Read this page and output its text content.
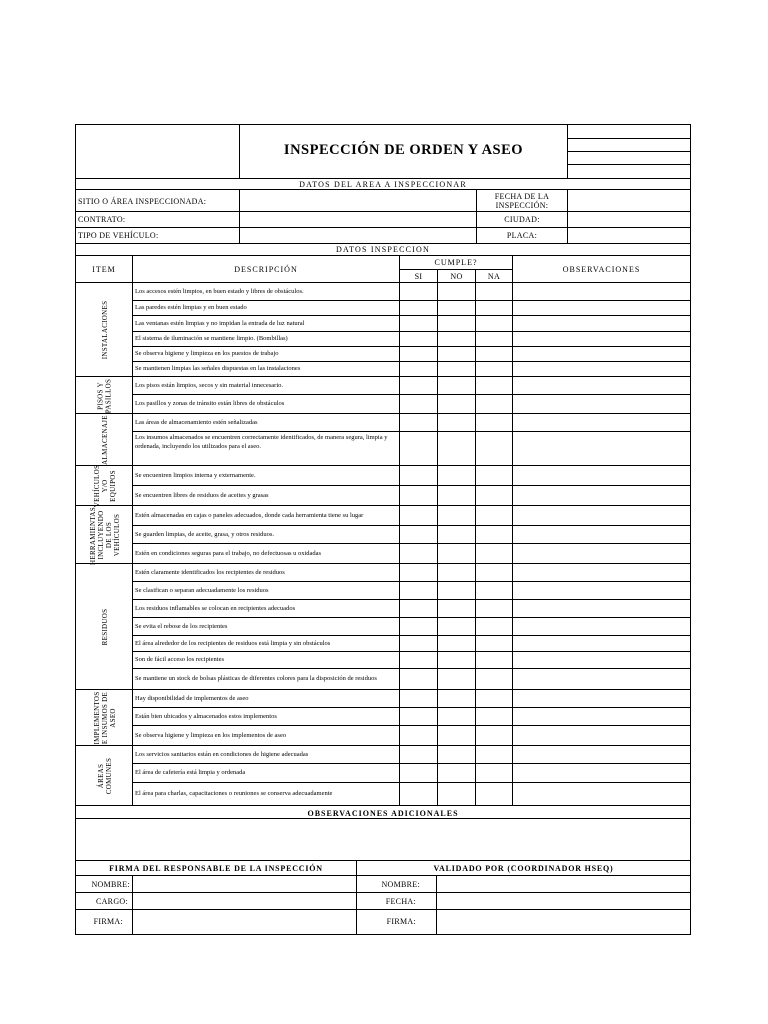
INSPECCIÓN DE ORDEN Y ASEO
DATOS DEL AREA A INSPECCIONAR
SITIO O ÁREA INSPECCIONADA:
FECHA DE LA
INSPECCIÓN:
CONTRATO:	CIUDAD:
TIPO DE VEHÍCULO:	PLACA:
DATOS INSPECCION
ITEM	DESCRIPCIÓN
CUMPLE?
SI	NO	NA
OBSERVACIONES
INSTALACIONES
Los accesos estén limpios, en buen estado y libres de obstáculos.
Las paredes estén limpias y en buen estado
Las ventanas estén limpias y no impidan la entrada de luz natural
El sistema de iluminación se mantiene limpio. (Bombillas)
Se observa higiene y limpieza en los puestos de trabajo
Se mantienen limpias las señales dispuestas en las instalaciones
PISOS Y PASILLOS	Los pisos están limpios, secos y sin material innecesario.
Los pasillos y zonas de tránsito están libres de obstáculos
ALMACENAJE	Las áreas de almacenamiento estén señalizadas
Los insumos almacenados se encuentren correctamente identificados, de manera segura, limpia y ordenada, incluyendo los utilizados para el aseo.
VEHÍCULOS Y/O EQUIPOS	Se encuentren limpios interna y externamente.
Se encuentren libres de residuos de aceites y grasas
HERRAMIENTAS, INCLUYENDO DE LOS VEHÍCULOS	Estén almacenadas en cajas o paneles adecuados, donde cada herramienta tiene su lugar
Se guarden limpias, de aceite, grasa, y otros residuos.
Estén en condiciones seguras para el trabajo, no defectuosas u oxidadas
RESIDUOS
Estén claramente identificados los recipientes de residuos
Se clasifican o separan adecuadamente los residuos
Los residuos inflamables se colocan en recipientes adecuados
Se evita el rebose de los recipientes
El área alrededor de los recipientes de residuos está limpia y sin obstáculos
Son de fácil acceso los recipientes
Se mantiene un stock de bolsas plásticas de diferentes colores para la disposición de residuos
IMPLEMENTOS E INSUMOS DE ASEO
Hay disponibilidad de implementos de aseo
Están bien ubicados y almacenados estos implementos
Se observa higiene y limpieza en los implementos de aseo
ÁREAS COMUNES
Los servicios sanitarios están en condiciones de higiene adecuadas
El área de cafetería está limpia y ordenada
El área para charlas, capacitaciones o reuniones se conserva adecuadamente
OBSERVACIONES ADICIONALES
FIRMA DEL RESPONSABLE DE LA INSPECCIÓN	VALIDADO POR (COORDINADOR HSEQ)
NOMBRE:	NOMBRE:
CARGO:	FECHA:
FIRMA:	FIRMA:
